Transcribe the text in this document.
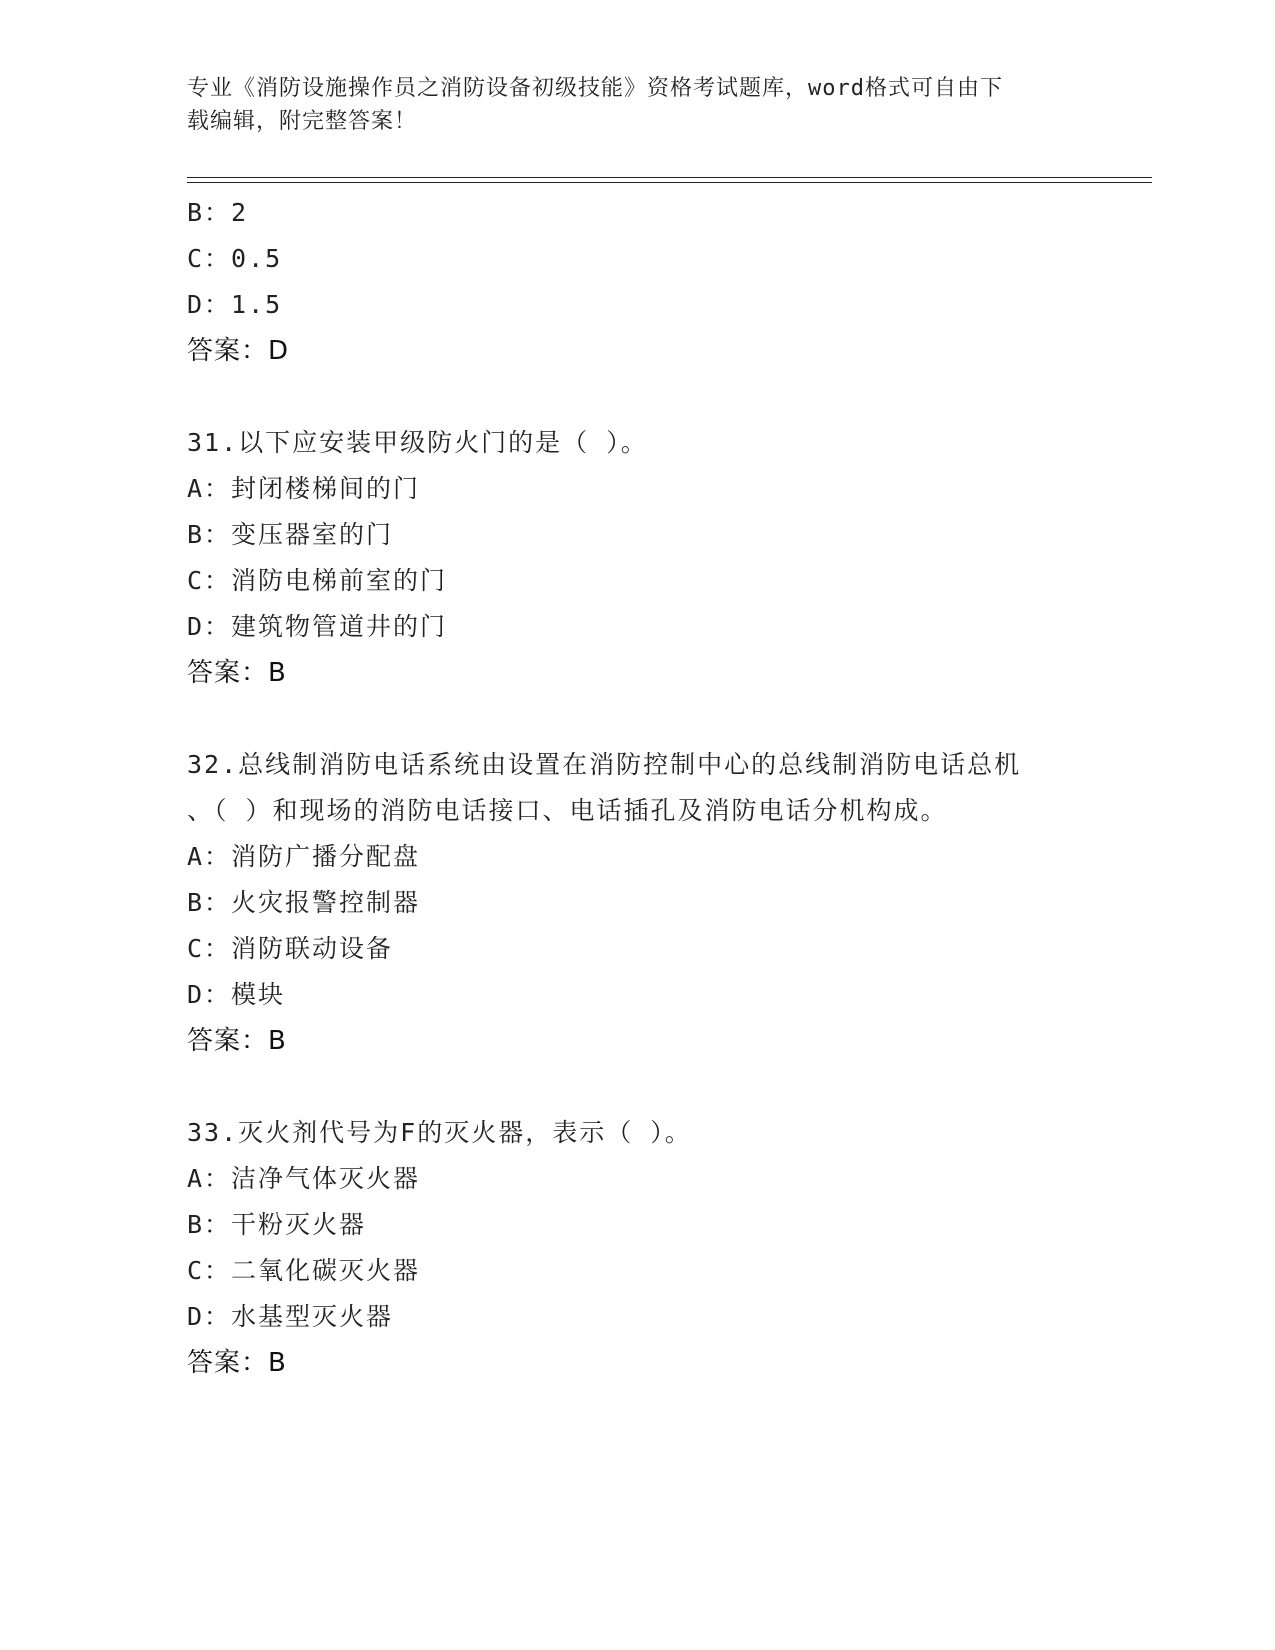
专业《消防设施操作员之消防设备初级技能》资格考试题库，word格式可自由下
载编辑，附完整答案！
B：2
C：0.5
D：1.5
答案：D
31.以下应安装甲级防火门的是（ ）。
A：封闭楼梯间的门
B：变压器室的门
C：消防电梯前室的门
D：建筑物管道井的门
答案：B
32.总线制消防电话系统由设置在消防控制中心的总线制消防电话总机
、（ ）和现场的消防电话接口、电话插孔及消防电话分机构成。
A：消防广播分配盘
B：火灾报警控制器
C：消防联动设备
D：模块
答案：B
33.灭火剂代号为F的灭火器，表示（ ）。
A：洁净气体灭火器
B：干粉灭火器
C：二氧化碳灭火器
D：水基型灭火器
答案：B
